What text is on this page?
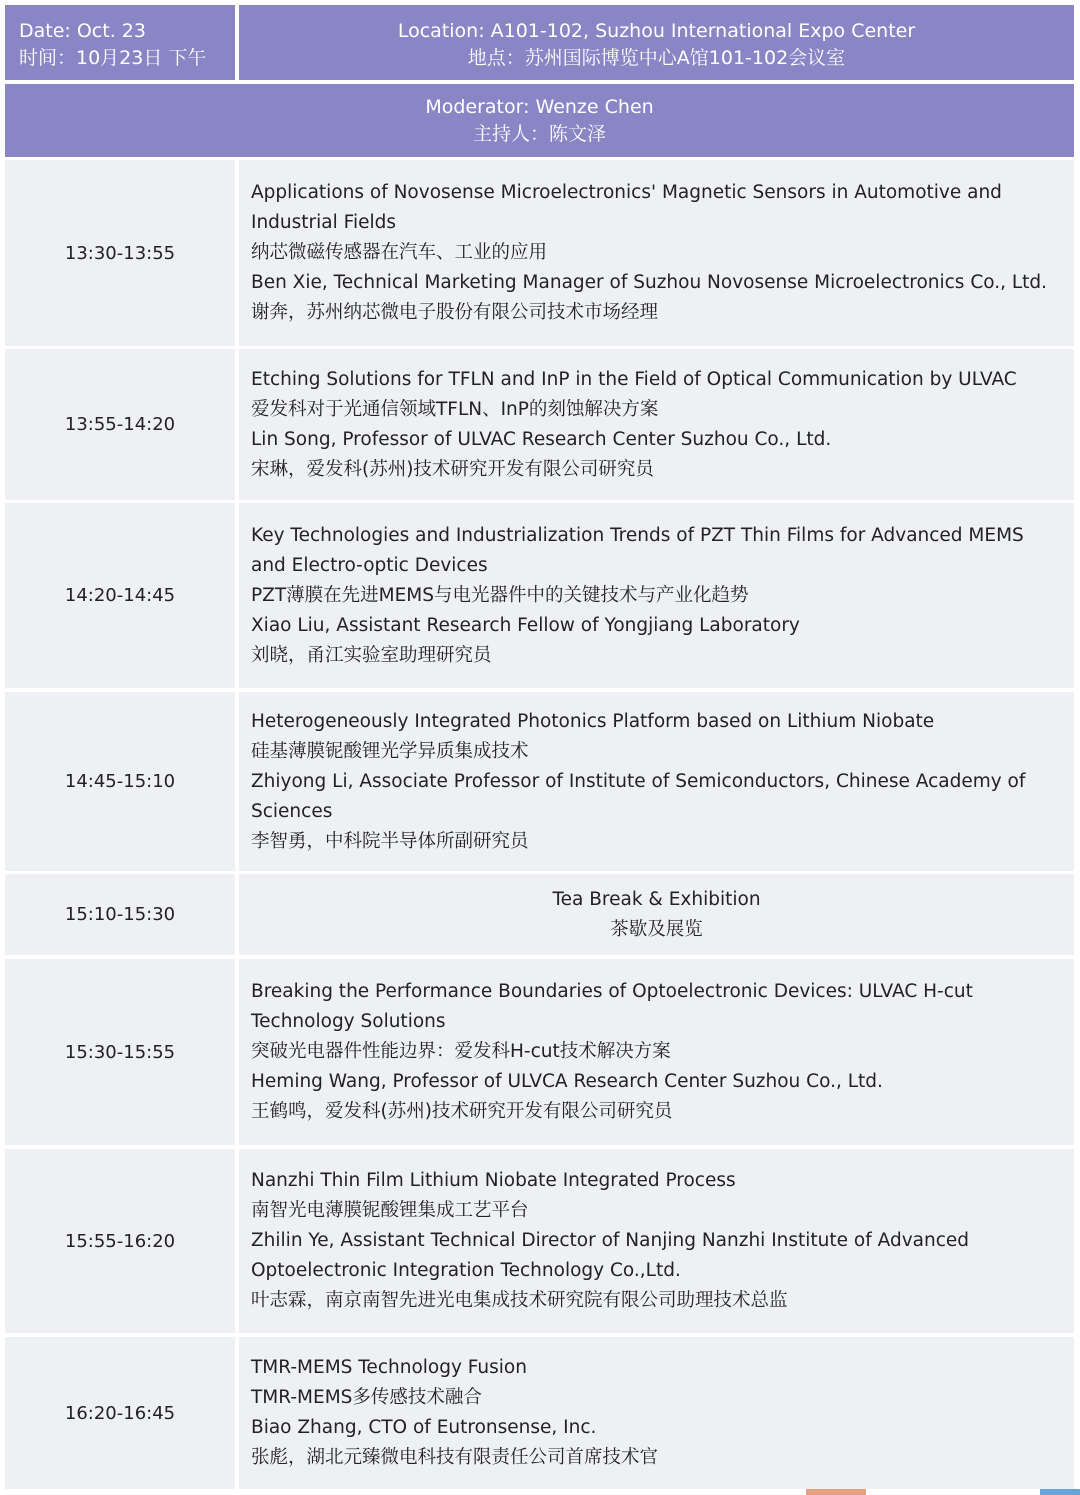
Date: Oct. 23
时间：10月23日 下午
Location: A101-102, Suzhou International Expo Center
地点：苏州国际博览中心A馆101-102会议室
Moderator: Wenze Chen
主持人：陈文泽
13:30-13:55
Applications of Novosense Microelectronics' Magnetic Sensors in Automotive and
Industrial Fields
纳芯微磁传感器在汽车、工业的应用
Ben Xie, Technical Marketing Manager of Suzhou Novosense Microelectronics Co., Ltd.
谢奔，苏州纳芯微电子股份有限公司技术市场经理
13:55-14:20
Etching Solutions for TFLN and InP in the Field of Optical Communication by ULVAC
爱发科对于光通信领域TFLN、InP的刻蚀解决方案
Lin Song, Professor of ULVAC Research Center Suzhou Co., Ltd.
宋琳，爱发科(苏州)技术研究开发有限公司研究员
14:20-14:45
Key Technologies and Industrialization Trends of PZT Thin Films for Advanced MEMS
and Electro-optic Devices
PZT薄膜在先进MEMS与电光器件中的关键技术与产业化趋势
Xiao Liu, Assistant Research Fellow of Yongjiang Laboratory
刘晓，甬江实验室助理研究员
14:45-15:10
Heterogeneously Integrated Photonics Platform based on Lithium Niobate
硅基薄膜铌酸锂光学异质集成技术
Zhiyong Li, Associate Professor of Institute of Semiconductors, Chinese Academy of
Sciences
李智勇，中科院半导体所副研究员
15:10-15:30
Tea Break & Exhibition
茶歇及展览
15:30-15:55
Breaking the Performance Boundaries of Optoelectronic Devices: ULVAC H-cut
Technology Solutions
突破光电器件性能边界：爱发科H-cut技术解决方案
Heming Wang, Professor of ULVCA Research Center Suzhou Co., Ltd.
王鹤鸣，爱发科(苏州)技术研究开发有限公司研究员
15:55-16:20
Nanzhi Thin Film Lithium Niobate Integrated Process
南智光电薄膜铌酸锂集成工艺平台
Zhilin Ye, Assistant Technical Director of Nanjing Nanzhi Institute of Advanced
Optoelectronic Integration Technology Co.,Ltd.
叶志霖，南京南智先进光电集成技术研究院有限公司助理技术总监
16:20-16:45
TMR-MEMS Technology Fusion
TMR-MEMS多传感技术融合
Biao Zhang, CTO of Eutronsense, Inc.
张彪，湖北元臻微电科技有限责任公司首席技术官
